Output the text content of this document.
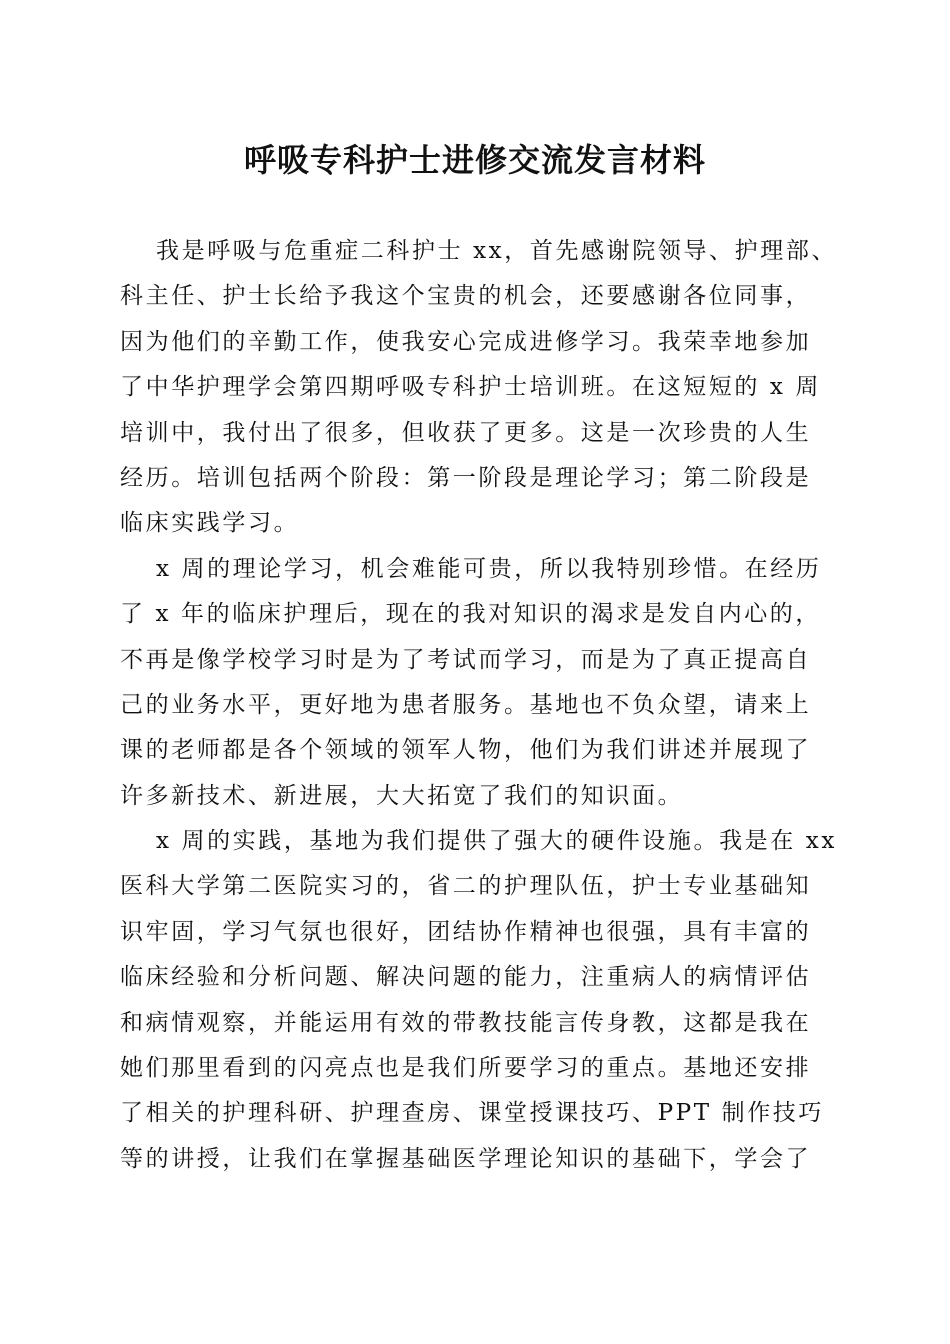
呼吸专科护士进修交流发言材料
我是呼吸与危重症二科护士 xx，首先感谢院领导、护理部、
科主任、护士长给予我这个宝贵的机会，还要感谢各位同事，
因为他们的辛勤工作，使我安心完成进修学习。我荣幸地参加
了中华护理学会第四期呼吸专科护士培训班。在这短短的 x 周
培训中，我付出了很多，但收获了更多。这是一次珍贵的人生
经历。培训包括两个阶段：第一阶段是理论学习；第二阶段是
临床实践学习。
x 周的理论学习，机会难能可贵，所以我特别珍惜。在经历
了 x 年的临床护理后，现在的我对知识的渴求是发自内心的，
不再是像学校学习时是为了考试而学习，而是为了真正提高自
己的业务水平，更好地为患者服务。基地也不负众望，请来上
课的老师都是各个领域的领军人物，他们为我们讲述并展现了
许多新技术、新进展，大大拓宽了我们的知识面。
x 周的实践，基地为我们提供了强大的硬件设施。我是在 xx
医科大学第二医院实习的，省二的护理队伍，护士专业基础知
识牢固，学习气氛也很好，团结协作精神也很强，具有丰富的
临床经验和分析问题、解决问题的能力，注重病人的病情评估
和病情观察，并能运用有效的带教技能言传身教，这都是我在
她们那里看到的闪亮点也是我们所要学习的重点。基地还安排
了相关的护理科研、护理查房、课堂授课技巧、PPT 制作技巧
等的讲授，让我们在掌握基础医学理论知识的基础下，学会了
